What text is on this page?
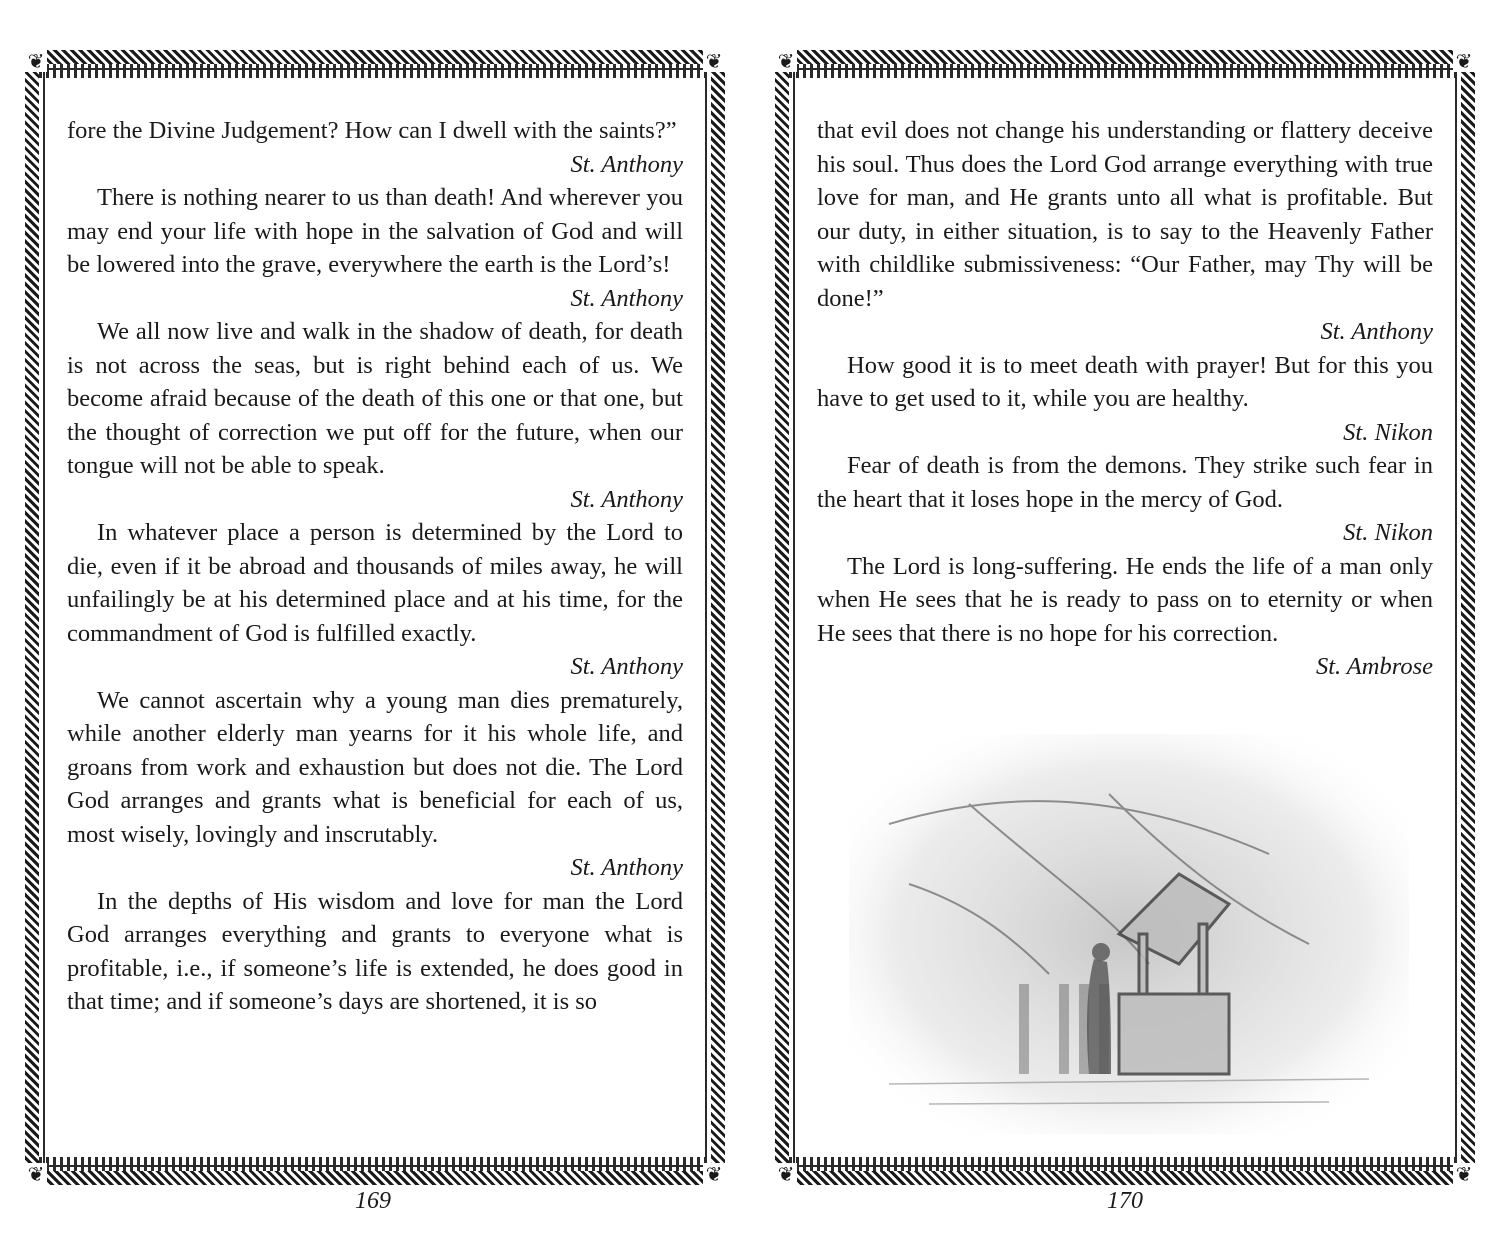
❦	❦
❦	❦

fore the Divine Judgement? How can I dwell with the saints?”

St. Anthony

There is nothing nearer to us than death! And wherever you may end your life with hope in the salvation of God and will be lowered into the grave, everywhere the earth is the Lord’s!

St. Anthony

We all now live and walk in the shadow of death, for death is not across the seas, but is right behind each of us. We become afraid because of the death of this one or that one, but the thought of correction we put off for the future, when our tongue will not be able to speak.

St. Anthony

In whatever place a person is determined by the Lord to die, even if it be abroad and thousands of miles away, he will unfailingly be at his determined place and at his time, for the commandment of God is fulfilled exactly.

St. Anthony

We cannot ascertain why a young man dies prematurely, while another elderly man yearns for it his whole life, and groans from work and exhaustion but does not die. The Lord God arranges and grants what is beneficial for each of us, most wisely, lovingly and inscrutably.

St. Anthony

In the depths of His wisdom and love for man the Lord God arranges everything and grants to everyone what is profitable, i.e., if someone’s life is extended, he does good in that time; and if someone’s days are shortened, it is so

169
❦	❦
❦	❦

that evil does not change his understanding or flattery deceive his soul. Thus does the Lord God arrange everything with true love for man, and He grants unto all what is profitable. But our duty, in either situation, is to say to the Heavenly Father with childlike submissiveness: “Our Father, may Thy will be done!”

St. Anthony

How good it is to meet death with prayer! But for this you have to get used to it, while you are healthy.

St. Nikon

Fear of death is from the demons. They strike such fear in the heart that it loses hope in the mercy of God.

St. Nikon

The Lord is long-suffering. He ends the life of a man only when He sees that he is ready to pass on to eternity or when He sees that there is no hope for his correction.

St. Ambrose

170
